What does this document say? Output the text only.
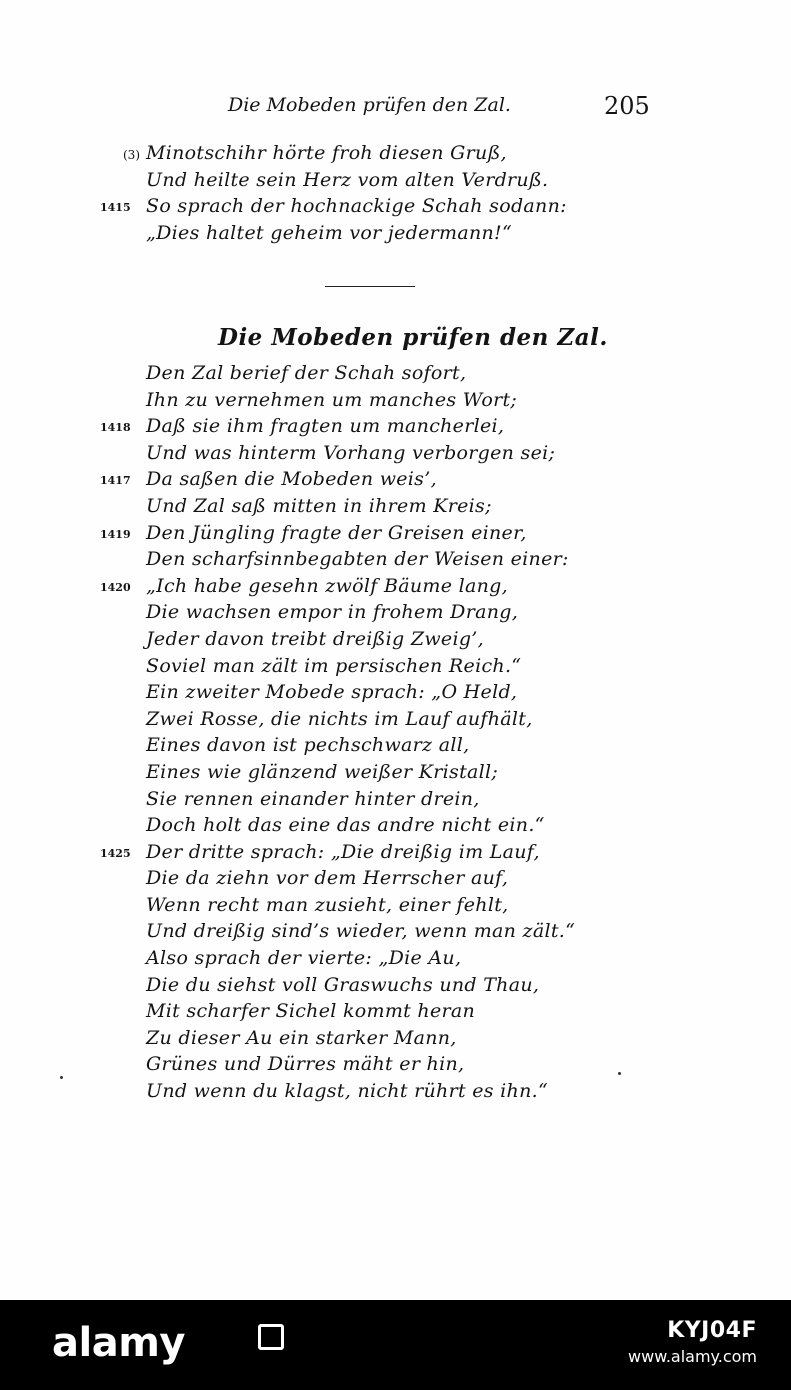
Die Mobeden prüfen den Zal.	205
(3) Minotschihr hörte froh diesen Gruß,
Und heilte sein Herz vom alten Verdruß.
1415 So sprach der hochnackige Schah sodann:
„Dies haltet geheim vor jedermann!“
Die Mobeden prüfen den Zal.
Den Zal berief der Schah sofort,
Ihn zu vernehmen um manches Wort;
1418 Daß sie ihm fragten um mancherlei,
Und was hinterm Vorhang verborgen sei;
1417 Da saßen die Mobeden weis’,
Und Zal saß mitten in ihrem Kreis;
1419 Den Jüngling fragte der Greisen einer,
Den scharfsinnbegabten der Weisen einer:
1420 „Ich habe gesehn zwölf Bäume lang,
Die wachsen empor in frohem Drang,
Jeder davon treibt dreißig Zweig’,
Soviel man zält im persischen Reich.“
Ein zweiter Mobede sprach: „O Held,
Zwei Rosse, die nichts im Lauf aufhält,
Eines davon ist pechschwarz all,
Eines wie glänzend weißer Kristall;
Sie rennen einander hinter drein,
Doch holt das eine das andre nicht ein.“
1425 Der dritte sprach: „Die dreißig im Lauf,
Die da ziehn vor dem Herrscher auf,
Wenn recht man zusieht, einer fehlt,
Und dreißig sind’s wieder, wenn man zält.“
Also sprach der vierte: „Die Au,
Die du siehst voll Graswuchs und Thau,
Mit scharfer Sichel kommt heran
Zu dieser Au ein starker Mann,
Grünes und Dürres mäht er hin,
Und wenn du klagst, nicht rührt es ihn.“
alamy	KYJ04F
www.alamy.com
